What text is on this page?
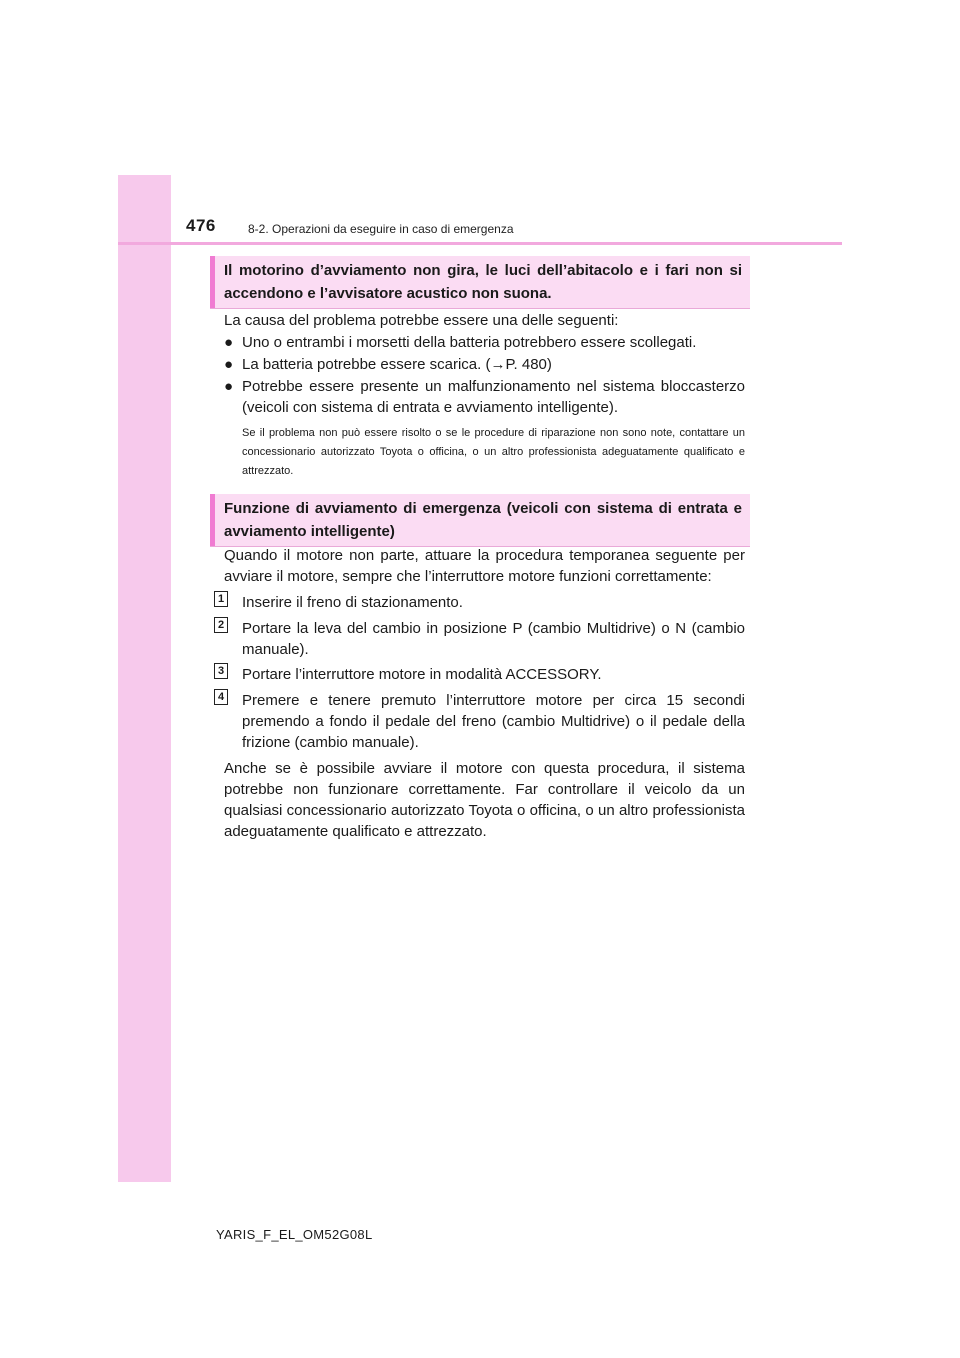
476	8-2. Operazioni da eseguire in caso di emergenza
Il motorino d’avviamento non gira, le luci dell’abitacolo e i fari non si accendono e l’avvisatore acustico non suona.
La causa del problema potrebbe essere una delle seguenti:
● Uno o entrambi i morsetti della batteria potrebbero essere scollegati.
● La batteria potrebbe essere scarica. (→P. 480)
● Potrebbe essere presente un malfunzionamento nel sistema bloccasterzo (veicoli con sistema di entrata e avviamento intelligente).
Se il problema non può essere risolto o se le procedure di riparazione non sono note, contattare un concessionario autorizzato Toyota o officina, o un altro professionista adeguatamente qualificato e attrezzato.
Funzione di avviamento di emergenza (veicoli con sistema di entrata e avviamento intelligente)
Quando il motore non parte, attuare la procedura temporanea seguente per avviare il motore, sempre che l’interruttore motore funzioni correttamente:
1 Inserire il freno di stazionamento.
2 Portare la leva del cambio in posizione P (cambio Multidrive) o N (cambio manuale).
3 Portare l’interruttore motore in modalità ACCESSORY.
4 Premere e tenere premuto l’interruttore motore per circa 15 secondi premendo a fondo il pedale del freno (cambio Multidrive) o il pedale della frizione (cambio manuale).
Anche se è possibile avviare il motore con questa procedura, il sistema potrebbe non funzionare correttamente. Far controllare il veicolo da un qualsiasi concessionario autorizzato Toyota o officina, o un altro professionista adeguatamente qualificato e attrezzato.
YARIS_F_EL_OM52G08L
